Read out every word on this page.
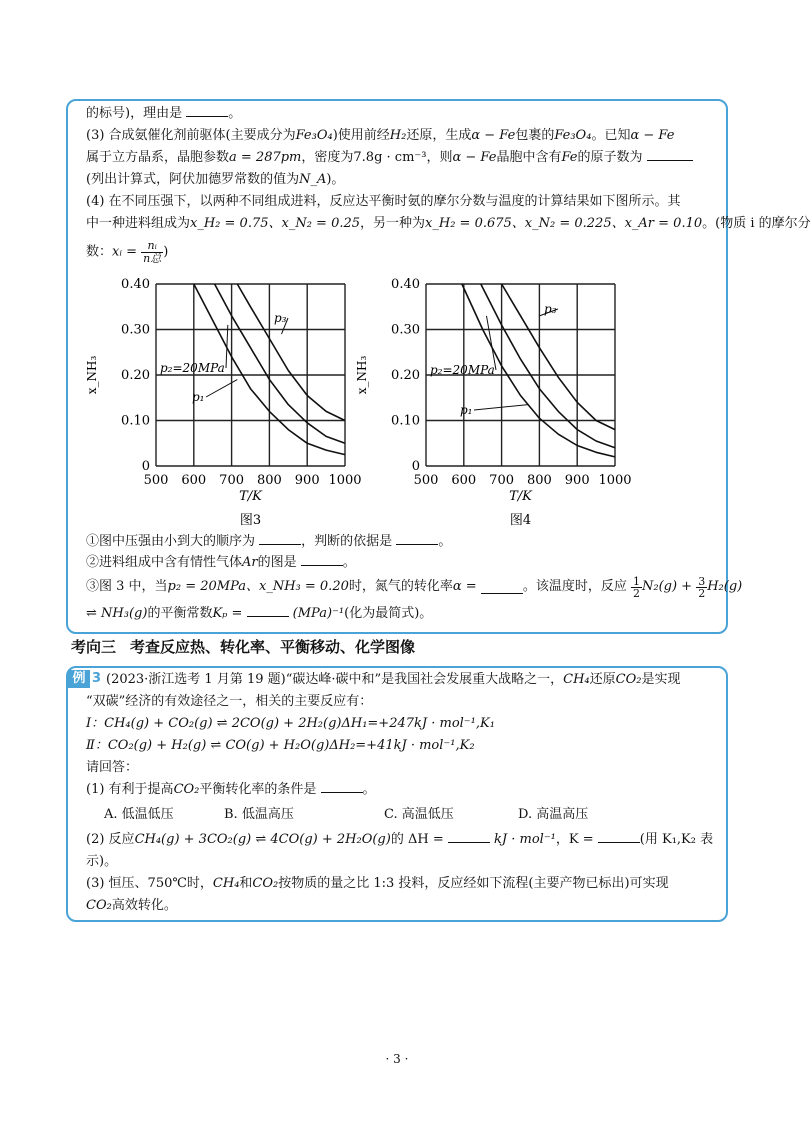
的标号)，理由是	。
(3) 合成氨催化剂前驱体(主要成分为Fe₃O₄)使用前经H₂还原，生成α − Fe包裹的Fe₃O₄。已知α − Fe
属于立方晶系，晶胞参数a = 287pm，密度为7.8g · cm⁻³，则α − Fe晶胞中含有Fe的原子数为
(列出计算式，阿伏加德罗常数的值为N_A)。
(4) 在不同压强下，以两种不同组成进料，反应达平衡时氨的摩尔分数与温度的计算结果如下图所示。其
中一种进料组成为x_H₂ = 0.75、x_N₂ = 0.25，另一种为x_H₂ = 0.675、x_N₂ = 0.225、x_Ar = 0.10。(物质 i 的摩尔分
数：xᵢ = nᵢ
n总 )
500 600 700 800 900 1000
0
0.10
0.20
0.30
0.40
T/K
x_NH₃
图3
p₁
p₂=20MPa
p₃
500 600 700 800 900 1000
0
0.10
0.20
0.30
0.40
T/K
x_NH₃
图4
p₁
p₂=20MPa
p₃
①图中压强由小到大的顺序为	，判断的依据是	。
②进料组成中含有情性气体Ar的图是	。
③图 3 中，当p₂ = 20MPa、x_NH₃ = 0.20时，氮气的转化率α =	。该温度时，反应 $\frac{1}{2} N_2(g) + \frac{3}{2} H_2(g)$
⇌ NH₃(g)的平衡常数Kₚ =	(MPa)⁻¹(化为最简式)。
考向三 考查反应热、转化率、平衡移动、化学图像
例 3 (2023·浙江选考 1 月第 19 题)“碳达峰·碳中和”是我国社会发展重大战略之一，CH₄还原CO₂是实现
“双碳”经济的有效途径之一，相关的主要反应有：
Ⅰ：CH₄(g) + CO₂(g) ⇌ 2CO(g) + 2H₂(g)ΔH₁=+247kJ · mol⁻¹,K₁
Ⅱ：CO₂(g) + H₂(g) ⇌ CO(g) + H₂O(g)ΔH₂=+41kJ · mol⁻¹,K₂
请回答：
(1) 有利于提高CO₂平衡转化率的条件是	。
A. 低温低压	B. 低温高压	C. 高温低压	D. 高温高压
(2) 反应CH₄(g) + 3CO₂(g) ⇌ 4CO(g) + 2H₂O(g)的 ΔH =	kJ · mol⁻¹，K =	(用 K₁,K₂ 表
示)。
(3) 恒压、750℃时，CH₄和CO₂按物质的量之比 1:3 投料，反应经如下流程(主要产物已标出)可实现
CO₂高效转化。
· 3 ·
